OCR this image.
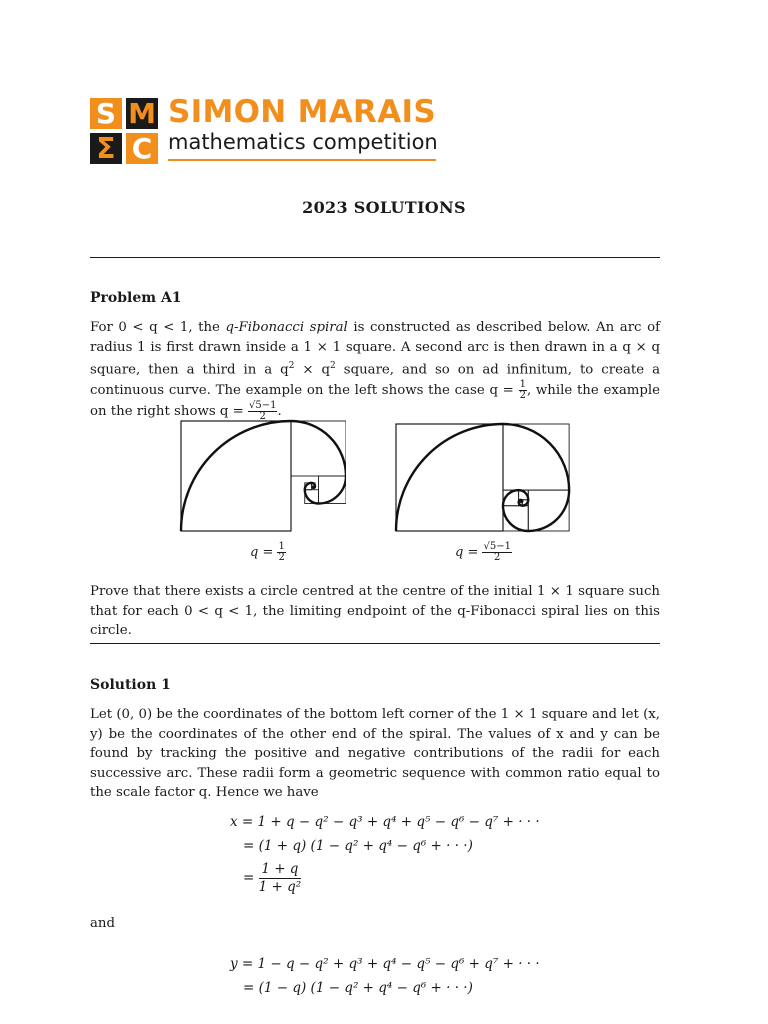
S M
Σ C
SIMON MARAIS
mathematics competition
2023 SOLUTIONS
Problem A1
For 0 < q < 1, the q-Fibonacci spiral is constructed as described below. An arc of radius 1 is first drawn inside a 1 × 1 square. A second arc is then drawn in a q × q square, then a third in a $q^2 \times q^2$ square, and so on ad infinitum, to create a continuous curve. The example on the left shows the case $q = \frac{1}{2}$ , while the example on the right shows $q = \frac{√5-1}{2}$ .
$q = \frac{1}{2}$	$q = \frac{√5-1}{2}$
Prove that there exists a circle centred at the centre of the initial 1 × 1 square such that for each 0 < q < 1, the limiting endpoint of the q-Fibonacci spiral lies on this circle.
Solution 1
Let (0, 0) be the coordinates of the bottom left corner of the 1 × 1 square and let (x, y) be the coordinates of the other end of the spiral. The values of x and y can be found by tracking the positive and negative contributions of the radii for each successive arc. These radii form a geometric sequence with common ratio equal to the scale factor q. Hence we have
x = 1 + q − q² − q³ + q⁴ + q⁵ − q⁶ − q⁷ + · · ·
= (1 + q) (1 − q² + q⁴ − q⁶ + · · ·)
= $\frac{1 + q}{\text{1 + q²}}$
and
y = 1 − q − q² + q³ + q⁴ − q⁵ − q⁶ + q⁷ + · · ·
= (1 − q) (1 − q² + q⁴ − q⁶ + · · ·)
